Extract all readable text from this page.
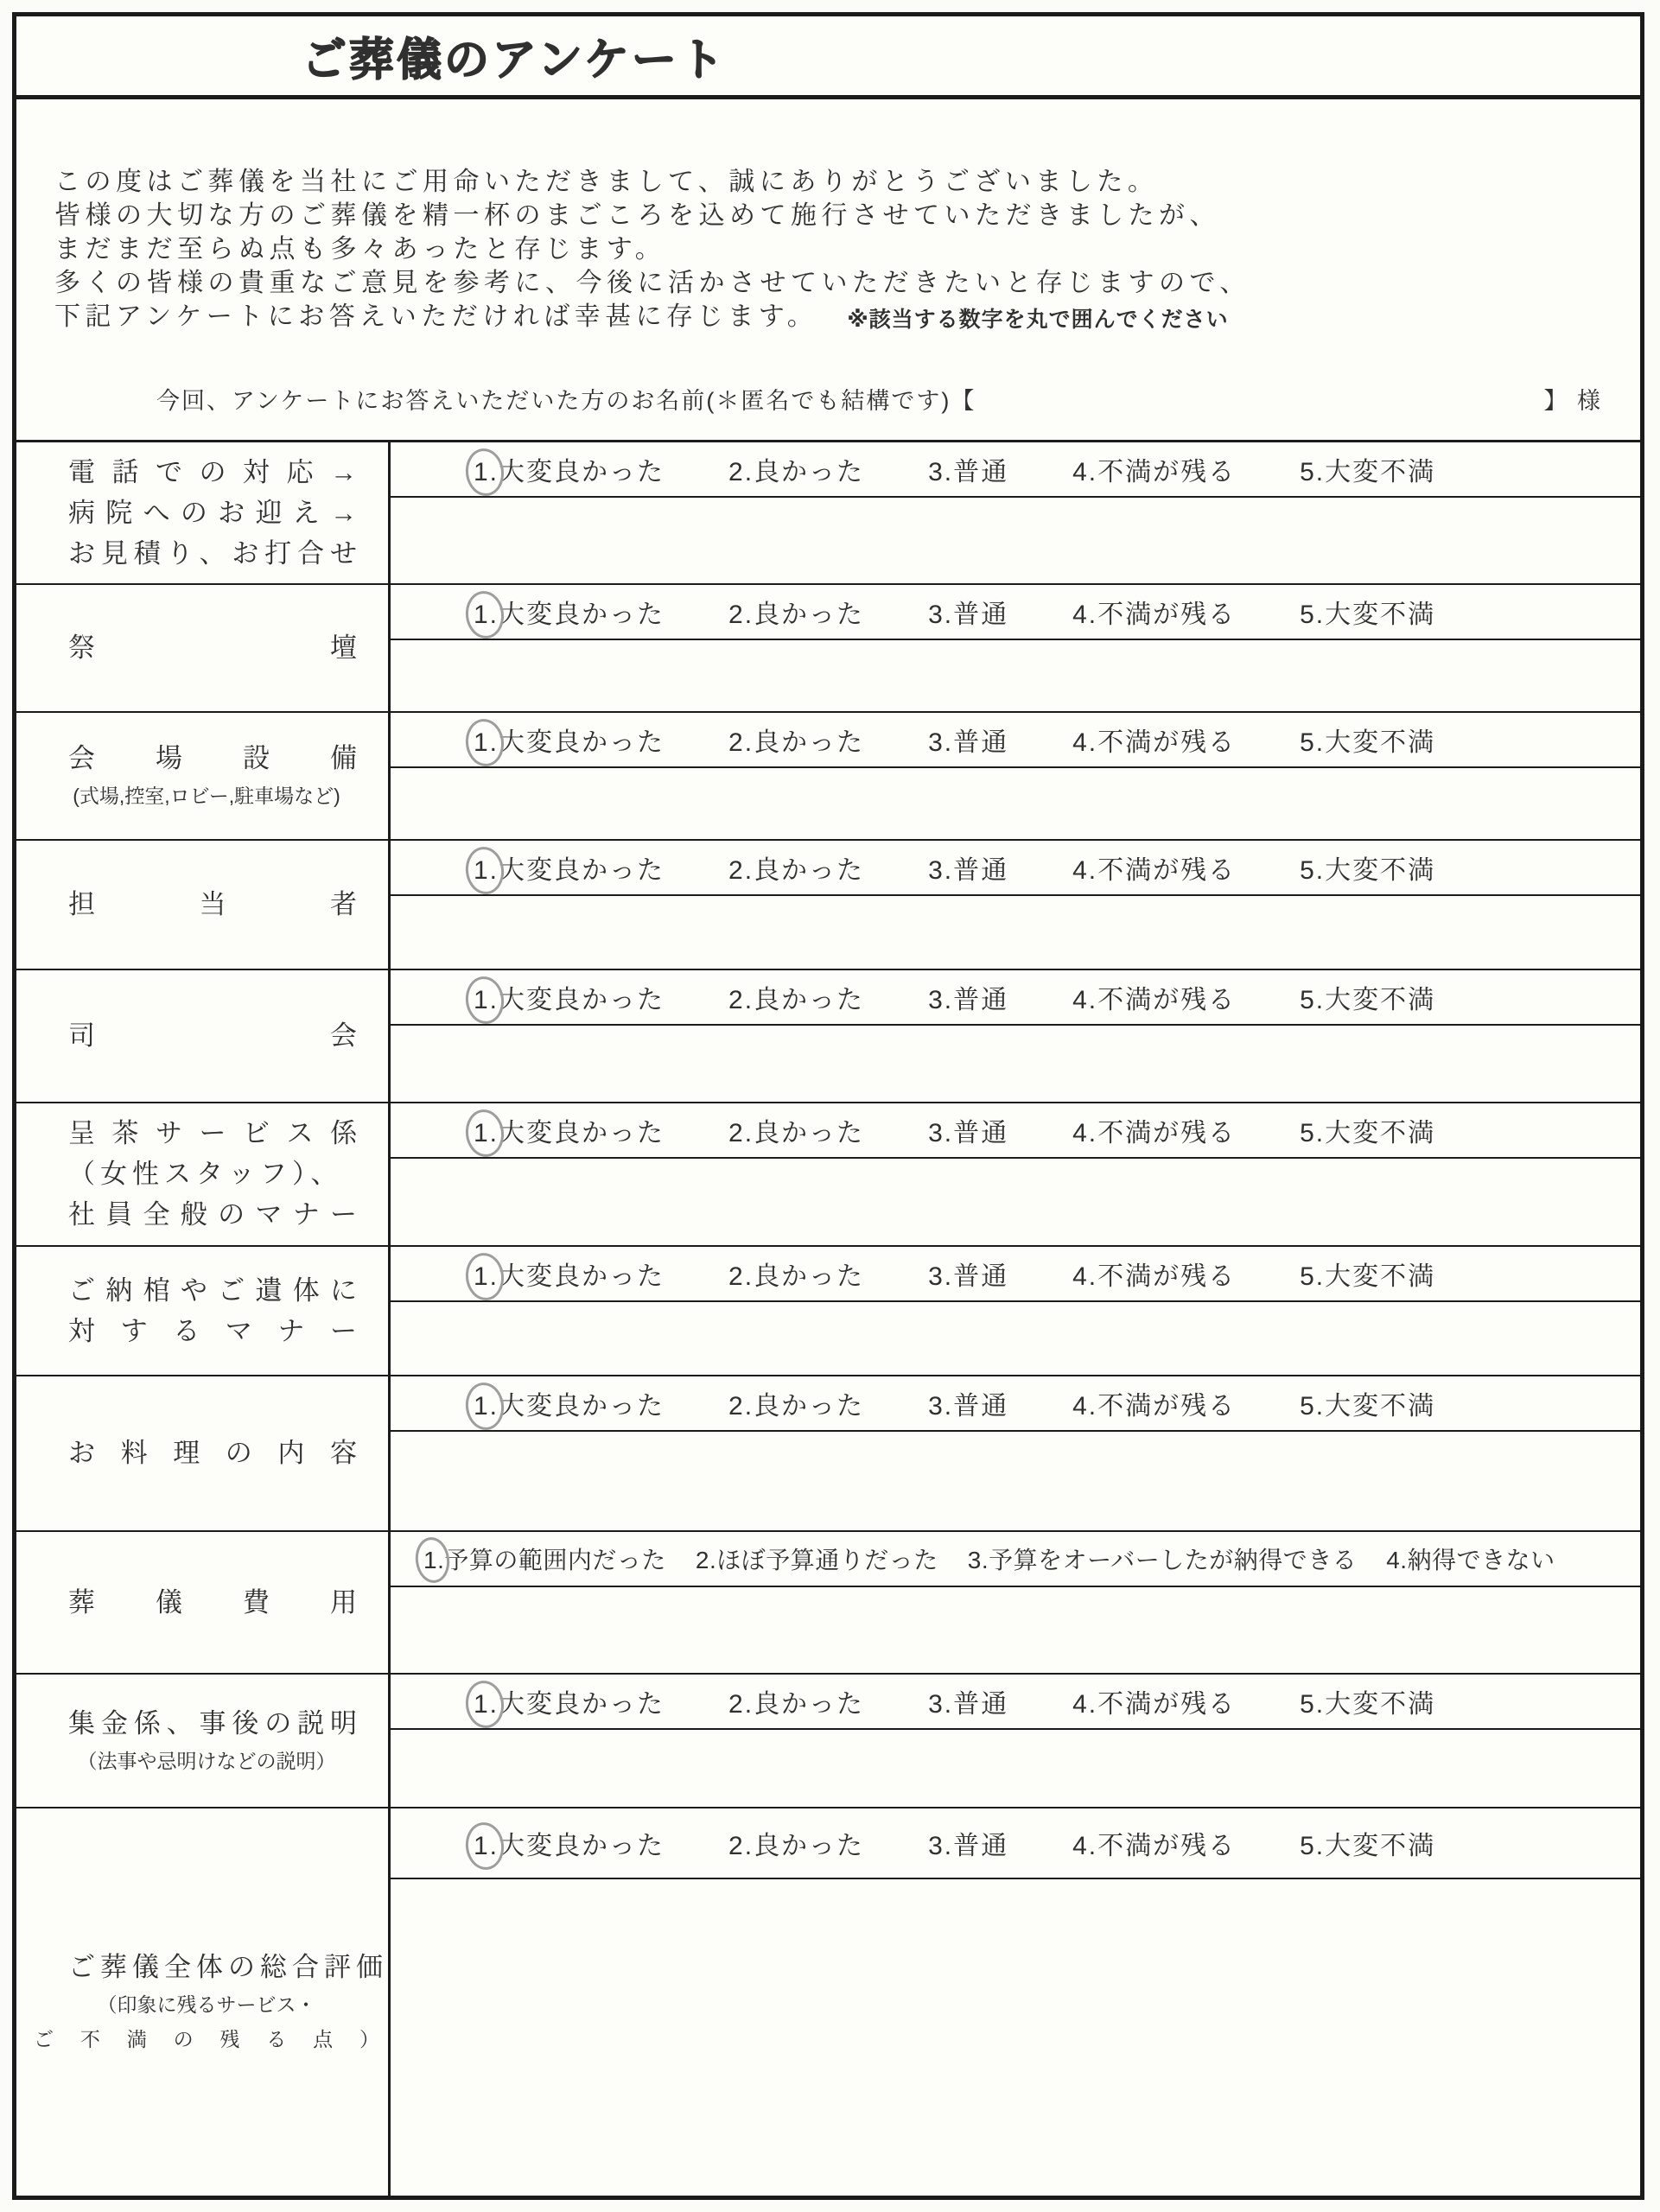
ご葬儀のアンケート
この度はご葬儀を当社にご用命いただきまして、誠にありがとうございました。
皆様の大切な方のご葬儀を精一杯のまごころを込めて施行させていただきましたが、
まだまだ至らぬ点も多々あったと存じます。
多くの皆様の貴重なご意見を参考に、今後に活かさせていただきたいと存じますので、
下記アンケートにお答えいただければ幸甚に存じます。 ※該当する数字を丸で囲んでください
今回、アンケートにお答えいただいた方のお名前(＊匿名でも結構です)【	】 様
電話での対応→
病院へのお迎え→
お見積り、お打合せ
1. 大変良かった 2. 良かった 3. 普通 4. 不満が残る 5. 大変不満
祭壇
1. 大変良かった 2. 良かった 3. 普通 4. 不満が残る 5. 大変不満
会場設備
(式場,控室,ロビー,駐車場など)
1. 大変良かった 2. 良かった 3. 普通 4. 不満が残る 5. 大変不満
担当者
1. 大変良かった 2. 良かった 3. 普通 4. 不満が残る 5. 大変不満
司会
1. 大変良かった 2. 良かった 3. 普通 4. 不満が残る 5. 大変不満
呈茶サービス係
（女性スタッフ）、
社員全般のマナー
1. 大変良かった 2. 良かった 3. 普通 4. 不満が残る 5. 大変不満
ご納棺やご遺体に
対するマナー
1. 大変良かった 2. 良かった 3. 普通 4. 不満が残る 5. 大変不満
お料理の内容
1. 大変良かった 2. 良かった 3. 普通 4. 不満が残る 5. 大変不満
葬儀費用
1. 予算の範囲内だった 2. ほぼ予算通りだった 3. 予算をオーバーしたが納得できる 4. 納得できない
集金係、事後の説明
（法事や忌明けなどの説明）
1. 大変良かった 2. 良かった 3. 普通 4. 不満が残る 5. 大変不満
ご葬儀全体の総合評価
（印象に残るサービス・
ご不満の残る点）
1. 大変良かった 2. 良かった 3. 普通 4. 不満が残る 5. 大変不満
